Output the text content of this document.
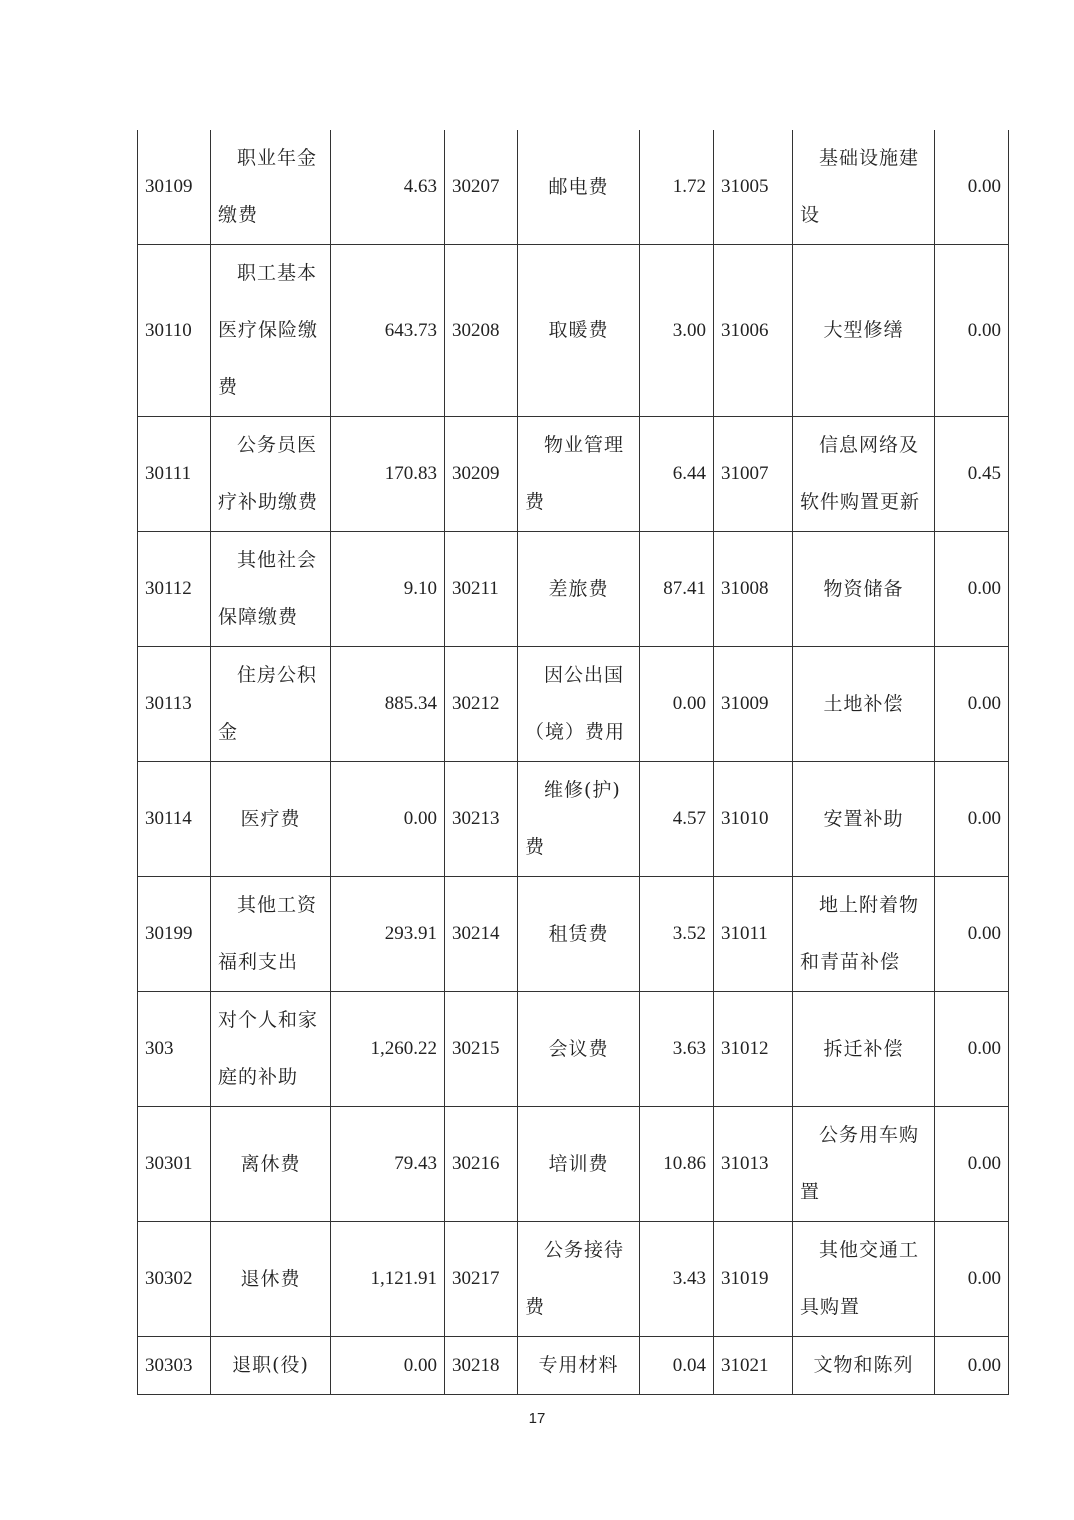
30109	职业年金缴费	4.63	30207	邮电费	1.72	31005	基础设施建设	0.00
30110	职工基本医疗保险缴费	643.73	30208	取暖费	3.00	31006	大型修缮	0.00
30111	公务员医疗补助缴费	170.83	30209	物业管理费	6.44	31007	信息网络及软件购置更新	0.45
30112	其他社会保障缴费	9.10	30211	差旅费	87.41	31008	物资储备	0.00
30113	住房公积金	885.34	30212	因公出国（境）费用	0.00	31009	土地补偿	0.00
30114	医疗费	0.00	30213	维修(护)费	4.57	31010	安置补助	0.00
30199	其他工资福利支出	293.91	30214	租赁费	3.52	31011	地上附着物和青苗补偿	0.00
303	对个人和家庭的补助	1,260.22	30215	会议费	3.63	31012	拆迁补偿	0.00
30301	离休费	79.43	30216	培训费	10.86	31013	公务用车购置	0.00
30302	退休费	1,121.91	30217	公务接待费	3.43	31019	其他交通工具购置	0.00
30303	退职(役)	0.00	30218	专用材料	0.04	31021	文物和陈列	0.00
17
